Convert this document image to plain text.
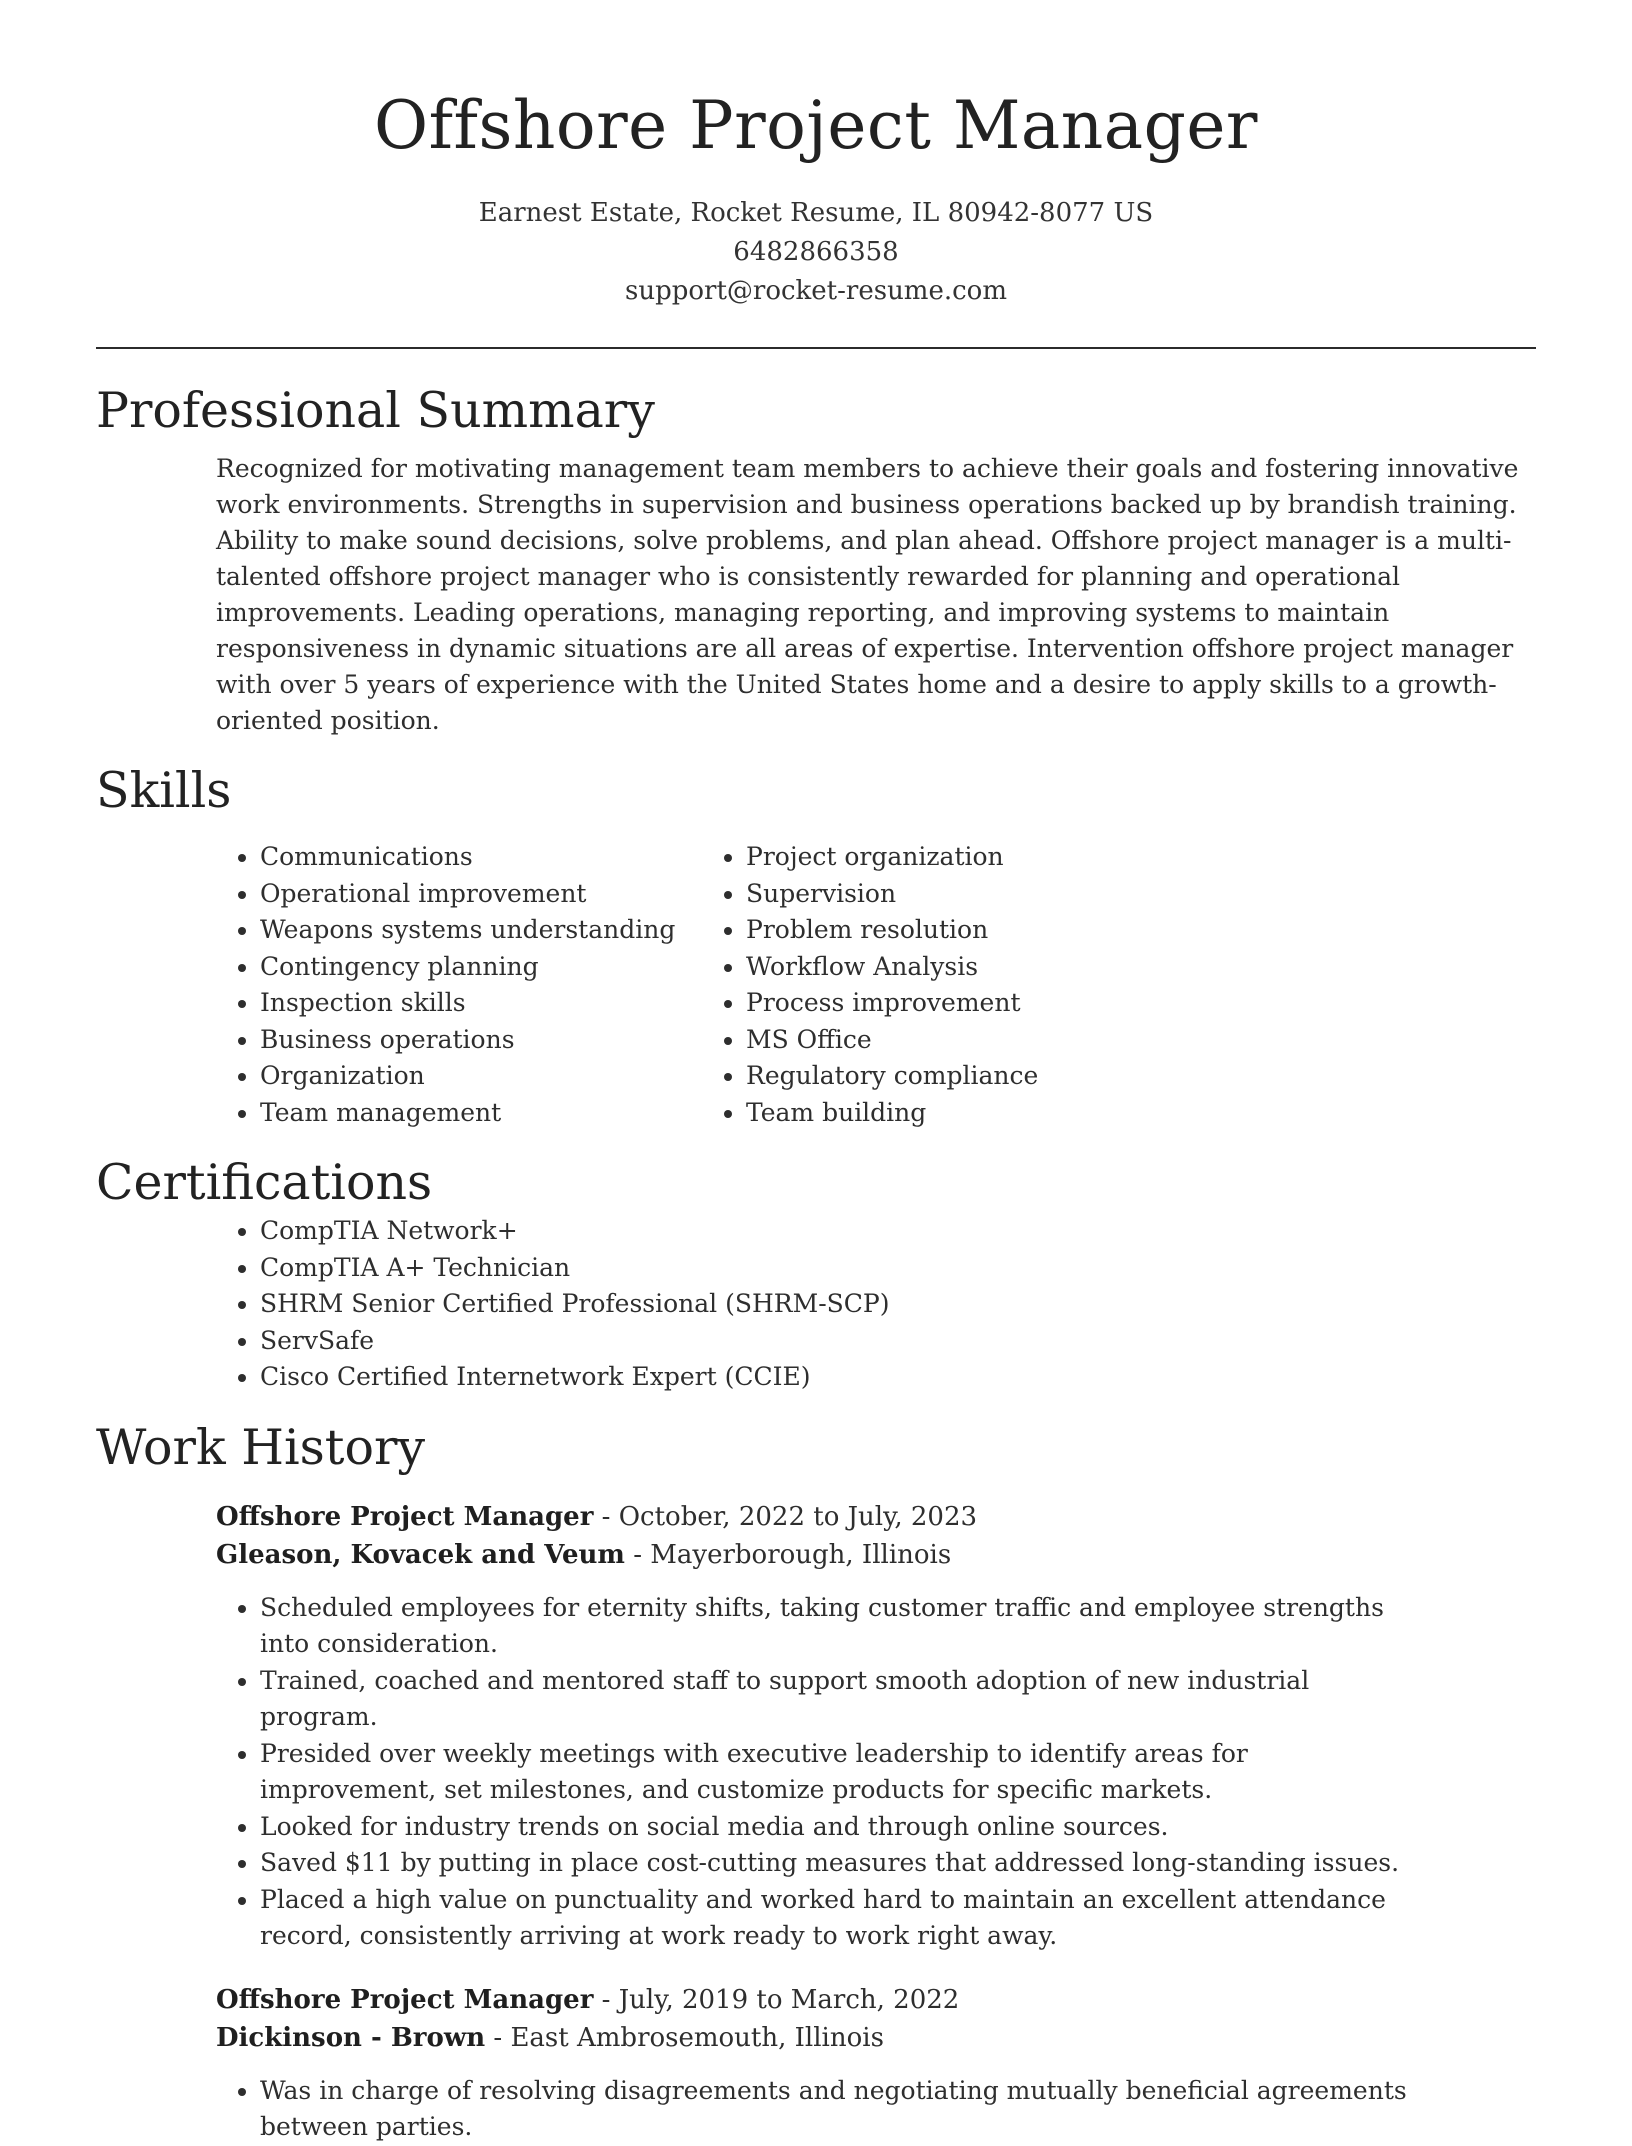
Offshore Project Manager
Earnest Estate, Rocket Resume, IL 80942-8077 US
6482866358
support@rocket-resume.com
Professional Summary

Recognized for motivating management team members to achieve their goals and fostering innovative work environments. Strengths in supervision and business operations backed up by brandish training. Ability to make sound decisions, solve problems, and plan ahead. Offshore project manager is a multi-talented offshore project manager who is consistently rewarded for planning and operational improvements. Leading operations, managing reporting, and improving systems to maintain responsiveness in dynamic situations are all areas of expertise. Intervention offshore project manager with over 5 years of experience with the United States home and a desire to apply skills to a growth-oriented position.

Skills
• Communications
• Operational improvement
• Weapons systems understanding
• Contingency planning
• Inspection skills
• Business operations
• Organization
• Team management
• Project organization
• Supervision
• Problem resolution
• Workflow Analysis
• Process improvement
• MS Office
• Regulatory compliance
• Team building
Certifications
• CompTIA Network+
• CompTIA A+ Technician
• SHRM Senior Certified Professional (SHRM-SCP)
• ServSafe
• Cisco Certified Internetwork Expert (CCIE)
Work History
Offshore Project Manager - October, 2022 to July, 2023
Gleason, Kovacek and Veum - Mayerborough, Illinois
• Scheduled employees for eternity shifts, taking customer traffic and employee strengths into consideration.
• Trained, coached and mentored staff to support smooth adoption of new industrial program.
• Presided over weekly meetings with executive leadership to identify areas for improvement, set milestones, and customize products for specific markets.
• Looked for industry trends on social media and through online sources.
• Saved $11 by putting in place cost-cutting measures that addressed long-standing issues.
• Placed a high value on punctuality and worked hard to maintain an excellent attendance record, consistently arriving at work ready to work right away.
Offshore Project Manager - July, 2019 to March, 2022
Dickinson - Brown - East Ambrosemouth, Illinois
• Was in charge of resolving disagreements and negotiating mutually beneficial agreements between parties.
